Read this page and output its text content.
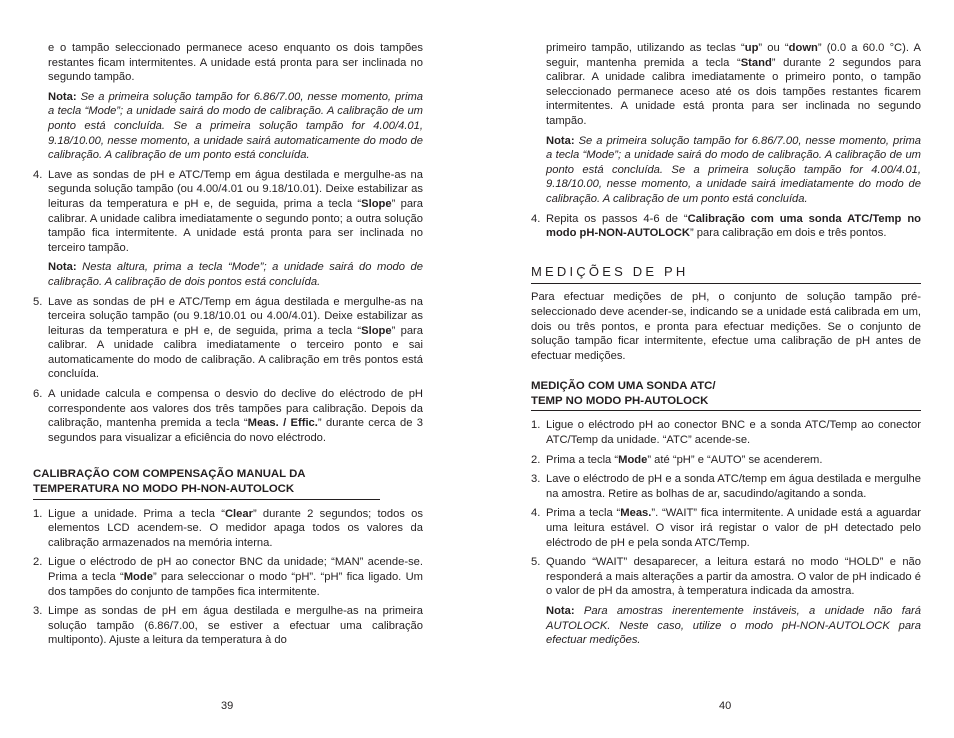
e o tampão seleccionado permanece aceso enquanto os dois tampões restantes ficam intermitentes. A unidade está pronta para ser inclinada no segundo tampão.

Nota: Se a primeira solução tampão for 6.86/7.00, nesse momento, prima a tecla “Mode”; a unidade sairá do modo de calibração. A calibração de um ponto está concluída. Se a primeira solução tampão for 4.00/4.01, 9.18/10.00, nesse momento, a unidade sairá automaticamente do modo de calibração. A calibração de um ponto está concluída.

4. Lave as sondas de pH e ATC/Temp em água destilada e mergulhe-as na segunda solução tampão (ou 4.00/4.01 ou 9.18/10.01). Deixe estabilizar as leituras da temperatura e pH e, de seguida, prima a tecla “Slope” para calibrar. A unidade calibra imediatamente o segundo ponto; a outra solução tampão fica intermitente. A unidade está pronta para ser inclinada no terceiro tampão.

Nota: Nesta altura, prima a tecla “Mode”; a unidade sairá do modo de calibração. A calibração de dois pontos está concluída.

5. Lave as sondas de pH e ATC/Temp em água destilada e mergulhe-as na terceira solução tampão (ou 9.18/10.01 ou 4.00/4.01). Deixe estabilizar as leituras da temperatura e pH e, de seguida, prima a tecla “Slope” para calibrar. A unidade calibra imediatamente o terceiro ponto e sai automaticamente do modo de calibração. A calibração em três pontos está concluída.

6. A unidade calcula e compensa o desvio do declive do eléctrodo de pH correspondente aos valores dos três tampões para calibração. Depois da calibração, mantenha premida a tecla “Meas. / Effic.” durante cerca de 3 segundos para visualizar a eficiência do novo eléctrodo.

CALIBRAÇÃO COM COMPENSAÇÃO MANUAL DA TEMPERATURA NO MODO PH-NON-AUTOLOCK
1. Ligue a unidade. Prima a tecla “Clear” durante 2 segundos; todos os elementos LCD acendem-se. O medidor apaga todos os valores da calibração armazenados na memória interna.

2. Ligue o eléctrodo de pH ao conector BNC da unidade; “MAN” acende-se. Prima a tecla “Mode” para seleccionar o modo “pH”. “pH” fica ligado. Um dos tampões do conjunto de tampões fica intermitente.

3. Limpe as sondas de pH em água destilada e mergulhe-as na primeira solução tampão (6.86/7.00, se estiver a efectuar uma calibração multiponto). Ajuste a leitura da temperatura à do

39

primeiro tampão, utilizando as teclas “up” ou “down” (0.0 a 60.0 °C). A seguir, mantenha premida a tecla “Stand” durante 2 segundos para calibrar. A unidade calibra imediatamente o primeiro ponto, o tampão seleccionado permanece aceso até os dois tampões restantes ficarem intermitentes. A unidade está pronta para ser inclinada no segundo tampão.

Nota: Se a primeira solução tampão for 6.86/7.00, nesse momento, prima a tecla “Mode”; a unidade sairá do modo de calibração. A calibração de um ponto está concluída. Se a primeira solução tampão for 4.00/4.01, 9.18/10.00, nesse momento, a unidade sairá imediatamente do modo de calibração. A calibração de um ponto está concluída.

4. Repita os passos 4-6 de “Calibração com uma sonda ATC/Temp no modo pH-NON-AUTOLOCK” para calibração em dois e três pontos.

MEDIÇÕES DE PH

Para efectuar medições de pH, o conjunto de solução tampão pré-seleccionado deve acender-se, indicando se a unidade está calibrada em um, dois ou três pontos, e pronta para efectuar medições. Se o conjunto de solução tampão ficar intermitente, efectue uma calibração de pH antes de efectuar medições.

MEDIÇÃO COM UMA SONDA ATC/
TEMP NO MODO PH-AUTOLOCK
1. Ligue o eléctrodo pH ao conector BNC e a sonda ATC/Temp ao conector ATC/Temp da unidade. “ATC” acende-se.

2. Prima a tecla “Mode” até “pH” e “AUTO” se acenderem.

3. Lave o eléctrodo de pH e a sonda ATC/temp em água destilada e mergulhe na amostra. Retire as bolhas de ar, sacudindo/agitando a sonda.

4. Prima a tecla “Meas.”. “WAIT” fica intermitente. A unidade está a aguardar uma leitura estável. O visor irá registar o valor de pH detectado pelo eléctrodo de pH e pela sonda ATC/Temp.

5. Quando “WAIT” desaparecer, a leitura estará no modo “HOLD” e não responderá a mais alterações a partir da amostra. O valor de pH indicado é o valor de pH da amostra, à temperatura indicada da amostra.

Nota: Para amostras inerentemente instáveis, a unidade não fará AUTOLOCK. Neste caso, utilize o modo pH-NON-AUTOLOCK para efectuar medições.

40
